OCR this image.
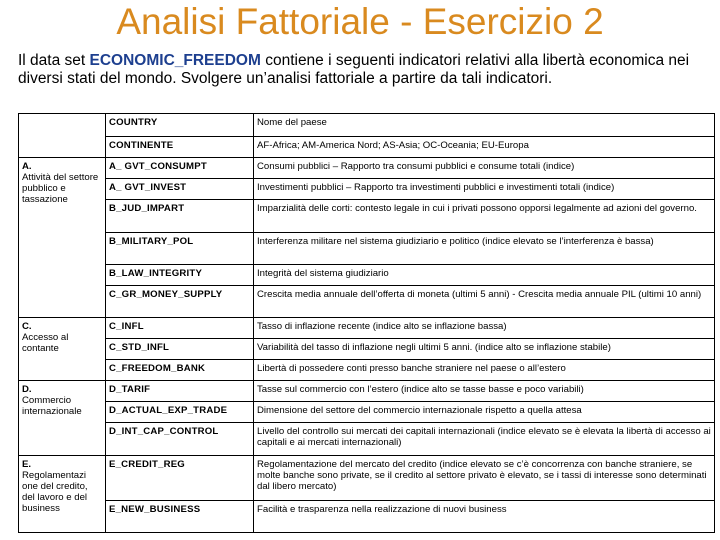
Analisi Fattoriale - Esercizio 2
Il data set ECONOMIC_FREEDOM contiene i seguenti indicatori relativi alla libertà economica nei diversi stati del mondo. Svolgere un’analisi fattoriale a partire da tali indicatori.
	COUNTRY	Nome del paese
	CONTINENTE	AF-Africa; AM-America Nord; AS-Asia; OC-Oceania; EU-Europa

A.
Attività del settore pubblico e tassazione	A_ GVT_CONSUMPT	Consumi pubblici – Rapporto tra consumi pubblici e consume totali (indice)
	A_ GVT_INVEST	Investimenti pubblici – Rapporto tra investimenti pubblici e investimenti totali (indice)
	B_JUD_IMPART	Imparzialità delle corti: contesto legale in cui i privati possono opporsi legalmente ad azioni del governo.
	B_MILITARY_POL	Interferenza militare nel sistema giudiziario e politico (indice elevato se l’interferenza è bassa)
	B_LAW_INTEGRITY	Integrità del sistema giudiziario
	C_GR_MONEY_SUPPLY	Crescita media annuale dell’offerta di moneta (ultimi 5 anni) - Crescita media annuale PIL (ultimi 10 anni)

C.
Accesso al contante	C_INFL	Tasso di inflazione recente (indice alto se inflazione bassa)
	C_STD_INFL	Variabilità del tasso di inflazione negli ultimi 5 anni. (indice alto se inflazione stabile)
	C_FREEDOM_BANK	Libertà di possedere conti presso banche straniere nel paese o all’estero

D.
Commercio internazionale	D_TARIF	Tasse sul commercio con l’estero (indice alto se tasse basse e poco variabili)
	D_ACTUAL_EXP_TRADE	Dimensione del settore del commercio internazionale rispetto a quella attesa
	D_INT_CAP_CONTROL	Livello del controllo sui mercati dei capitali internazionali (indice elevato se è elevata la libertà di accesso ai capitali e ai mercati internazionali)

E.
Regolamentazi one del credito, del lavoro e del business	E_CREDIT_REG	Regolamentazione del mercato del credito (indice elevato se c’è concorrenza con banche straniere, se molte banche sono private, se il credito al settore privato è elevato, se i tassi di interesse sono determinati dal libero mercato)
	E_NEW_BUSINESS	Facilità e trasparenza nella realizzazione di nuovi business
